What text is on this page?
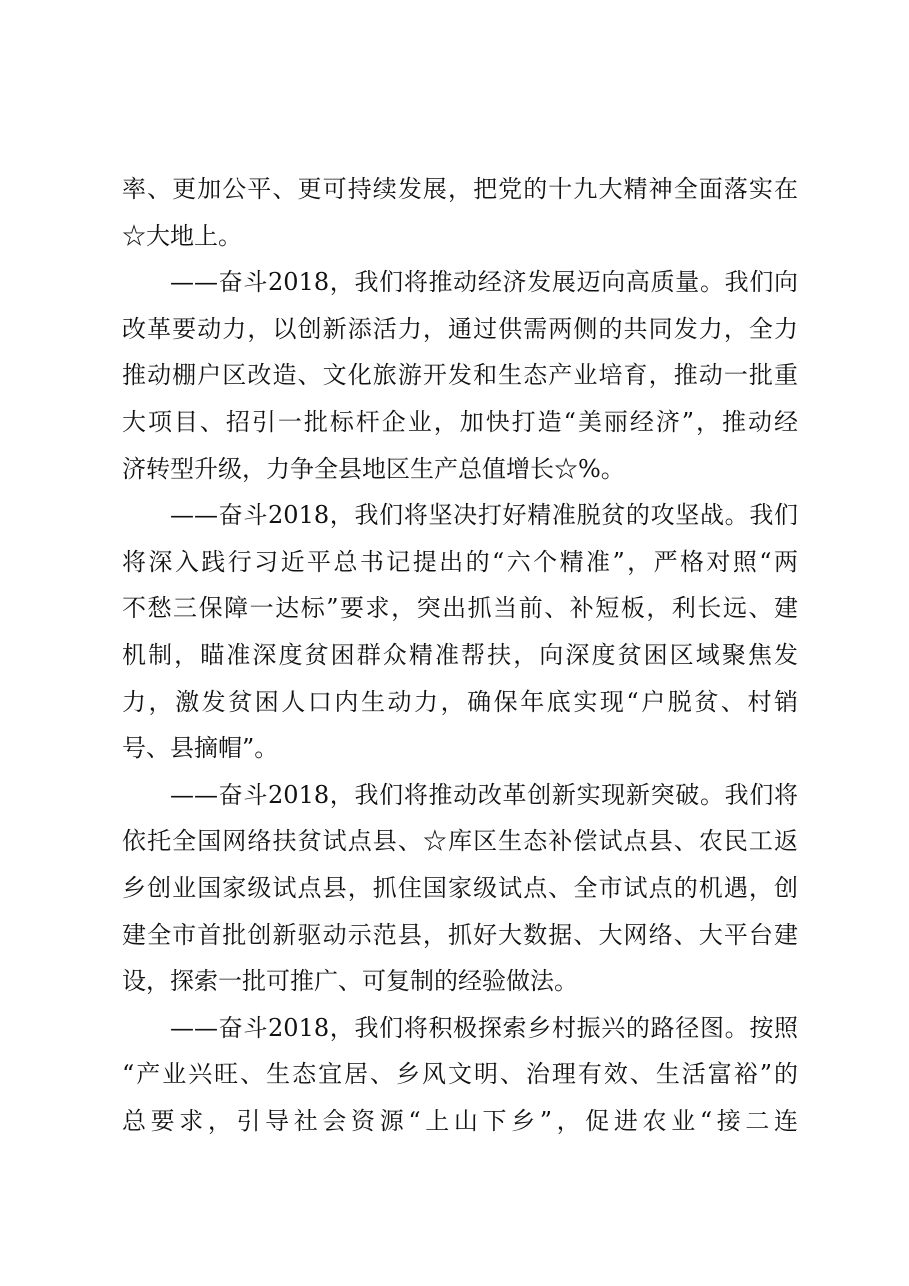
率、更加公平、更可持续发展，把党的十九大精神全面落实在
☆大地上。
——奋斗2018，我们将推动经济发展迈向高质量。我们向
改革要动力，以创新添活力，通过供需两侧的共同发力，全力
推动棚户区改造、文化旅游开发和生态产业培育，推动一批重
大项目、招引一批标杆企业，加快打造“美丽经济”，推动经
济转型升级，力争全县地区生产总值增长☆%。
——奋斗2018，我们将坚决打好精准脱贫的攻坚战。我们
将深入践行习近平总书记提出的“六个精准”，严格对照“两
不愁三保障一达标”要求，突出抓当前、补短板，利长远、建
机制，瞄准深度贫困群众精准帮扶，向深度贫困区域聚焦发
力，激发贫困人口内生动力，确保年底实现“户脱贫、村销
号、县摘帽”。
——奋斗2018，我们将推动改革创新实现新突破。我们将
依托全国网络扶贫试点县、☆库区生态补偿试点县、农民工返
乡创业国家级试点县，抓住国家级试点、全市试点的机遇，创
建全市首批创新驱动示范县，抓好大数据、大网络、大平台建
设，探索一批可推广、可复制的经验做法。
——奋斗2018，我们将积极探索乡村振兴的路径图。按照
“产业兴旺、生态宜居、乡风文明、治理有效、生活富裕”的
总要求，引导社会资源“上山下乡”，促进农业“接二连
